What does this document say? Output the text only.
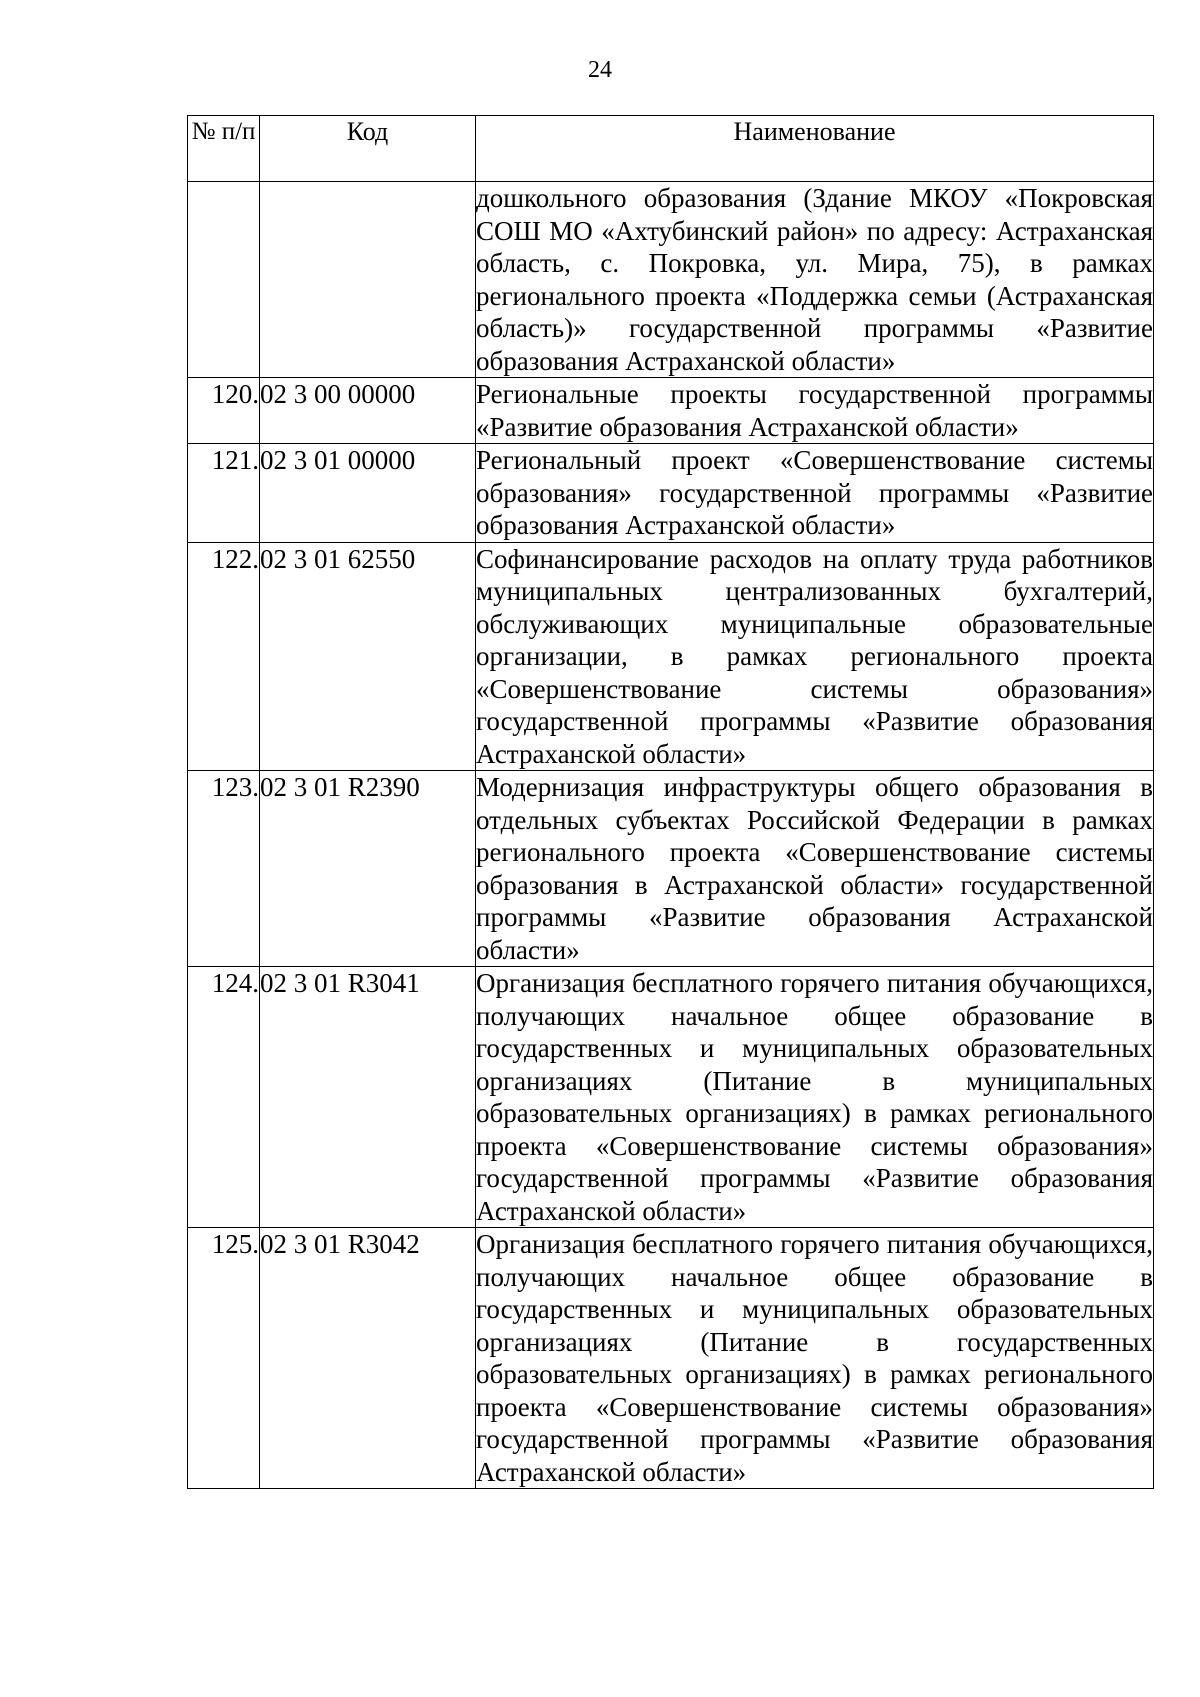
24
№ п/п	Код	Наименование
		дошкольного образования (Здание МКОУ «Покровская СОШ МО «Ахтубинский район» по адресу: Астраханская область, с. Покровка, ул. Мира, 75), в рамках регионального проекта «Поддержка семьи (Астраханская область)» государственной программы «Развитие образования Астраханской области»
120.	02 3 00 00000	Региональные проекты государственной программы «Развитие образования Астраханской области»
121.	02 3 01 00000	Региональный проект «Совершенствование системы образования» государственной программы «Развитие образования Астраханской области»
122.	02 3 01 62550	Софинансирование расходов на оплату труда работников муниципальных централизованных бухгалтерий, обслуживающих муниципальные образовательные организации, в рамках регионального проекта «Совершенствование системы образования» государственной программы «Развитие образования Астраханской области»
123.	02 3 01 R2390	Модернизация инфраструктуры общего образования в отдельных субъектах Российской Федерации в рамках регионального проекта «Совершенствование системы образования в Астраханской области» государственной программы «Развитие образования Астраханской области»
124.	02 3 01 R3041	Организация бесплатного горячего питания обучающихся, получающих начальное общее образование в государственных и муниципальных образовательных организациях (Питание в муниципальных образовательных организациях) в рамках регионального проекта «Совершенствование системы образования» государственной программы «Развитие образования Астраханской области»
125.	02 3 01 R3042	Организация бесплатного горячего питания обучающихся, получающих начальное общее образование в государственных и муниципальных образовательных организациях (Питание в государственных образовательных организациях) в рамках регионального проекта «Совершенствование системы образования» государственной программы «Развитие образования Астраханской области»
